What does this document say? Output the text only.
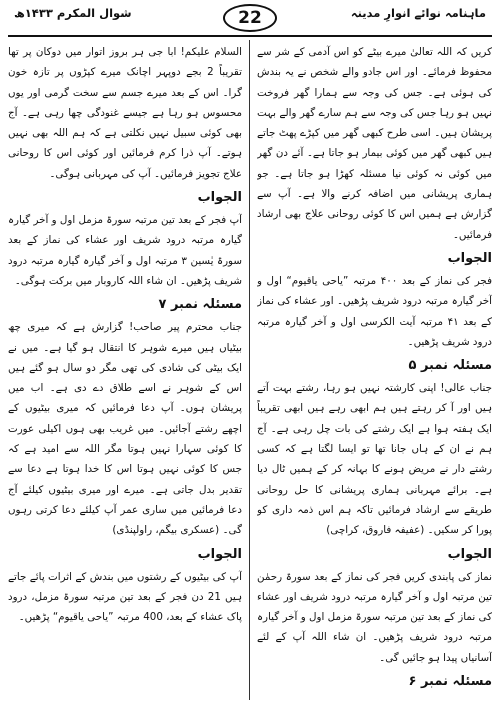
ماہنامہ نوائے انوارِ مدینہ
22
شوال المکرم ۱۴۳۳ھ

کریں کہ اللہ تعالیٰ میرے بیٹے کو اس آدمی کے شر سے محفوظ فرمائے۔ اور اس جادو والے شخص نے یہ بندش کی ہوئی ہے۔ جس کی وجہ سے ہمارا گھر فروخت نہیں ہو رہا جس کی وجہ سے ہم سارے گھر والے بہت پریشان ہیں۔ اسی طرح کبھی گھر میں کپڑے پھٹ جاتے ہیں کبھی گھر میں کوئی بیمار ہو جاتا ہے۔ آئے دن گھر میں کوئی نہ کوئی نیا مسئلہ کھڑا ہو جاتا ہے۔ جو ہماری پریشانی میں اضافہ کرنے والا ہے۔ آپ سے گزارش ہے ہمیں اس کا کوئی روحانی علاج بھی ارشاد فرمائیں۔

الجواب

فجر کی نماز کے بعد ۴۰۰ مرتبہ ”یاحی یاقیوم“ اول و آخر گیارہ مرتبہ درود شریف پڑھیں۔ اور عشاء کی نماز کے بعد ۴۱ مرتبہ آیت الکرسی اول و آخر گیارہ مرتبہ درود شریف پڑھیں۔

مسئلہ نمبر ۵

جناب عالی! اپنی کارشتہ نہیں ہو رہا، رشتے بہت آتے ہیں اور آ کر رہتے ہیں ہم ابھی رہے ہیں ابھی تقریباً ایک ہفتہ ہوا ہے ایک رشتے کی بات چل رہی ہے۔ آج ہم نے ان کے ہاں جانا تھا تو ایسا لگتا ہے کہ کسی رشتے دار نے مریض ہونے کا بہانہ کر کے ہمیں ٹال دیا ہے۔ برائے مہربانی ہماری پریشانی کا حل روحانی طریقے سے ارشاد فرمائیں تاکہ ہم اس ذمہ داری کو پورا کر سکیں۔ (عفیفہ فاروق، کراچی)

الجواب

نماز کی پابندی کریں فجر کی نماز کے بعد سورۃ رحمٰن تین مرتبہ اول و آخر گیارہ مرتبہ درود شریف اور عشاء کی نماز کے بعد تین مرتبہ سورۃ مزمل اول و آخر گیارہ مرتبہ درود شریف پڑھیں۔ ان شاء اللہ آپ کے لئے آسانیاں پیدا ہو جائیں گی۔

مسئلہ نمبر ۶

السلام علیکم! ابا جی ہر بروز اتوار میں دوکان پر تھا تقریباً 2 بجے دوپہر اچانک میرے کپڑوں پر تازہ خون گرا۔ اس کے بعد میرے جسم سے سخت گرمی اور یوں محسوس ہو رہا ہے جیسے غنودگی چھا رہی ہے۔ آج بھی کوئی سبیل نہیں نکلتی ہے کہ ہم اللہ بھی نہیں ہوتے۔ آپ ذرا کرم فرمائیں اور کوئی اس کا روحانی علاج تجویز فرمائیں۔ آپ کی مہربانی ہوگی۔

الجواب

آپ فجر کے بعد تین مرتبہ سورۃ مزمل اول و آخر گیارہ گیارہ مرتبہ درود شریف اور عشاء کی نماز کے بعد سورۃ یٰسین ۳ مرتبہ اول و آخر گیارہ گیارہ مرتبہ درود شریف پڑھیں۔ ان شاء اللہ کاروبار میں برکت ہوگی۔

مسئلہ نمبر ۷

جناب محترم پیر صاحب! گزارش ہے کہ میری چھ بیٹیاں ہیں میرے شوہر کا انتقال ہو گیا ہے۔ میں نے ایک بیٹی کی شادی کی تھی مگر دو سال ہو گئے ہیں اس کے شوہر نے اسے طلاق دے دی ہے۔ اب میں پریشان ہوں۔ آپ دعا فرمائیں کہ میری بیٹیوں کے اچھے رشتے آجائیں۔ میں غریب بھی ہوں اکیلی عورت کا کوئی سہارا نہیں ہوتا مگر اللہ سے امید ہے کہ جس کا کوئی نہیں ہوتا اس کا خدا ہوتا ہے دعا سے تقدیر بدل جاتی ہے۔ میرے اور میری بیٹیوں کیلئے آج دعا فرمائیں میں ساری عمر آپ کیلئے دعا کرتی رہوں گی۔ (عسکری بیگم، راولپنڈی)

الجواب

آپ کی بیٹیوں کے رشتوں میں بندش کے اثرات پائے جاتے ہیں 21 دن فجر کے بعد تین مرتبہ سورۃ مزمل، درود پاک عشاء کے بعد، 400 مرتبہ ”یاحی یاقیوم“ پڑھیں۔
